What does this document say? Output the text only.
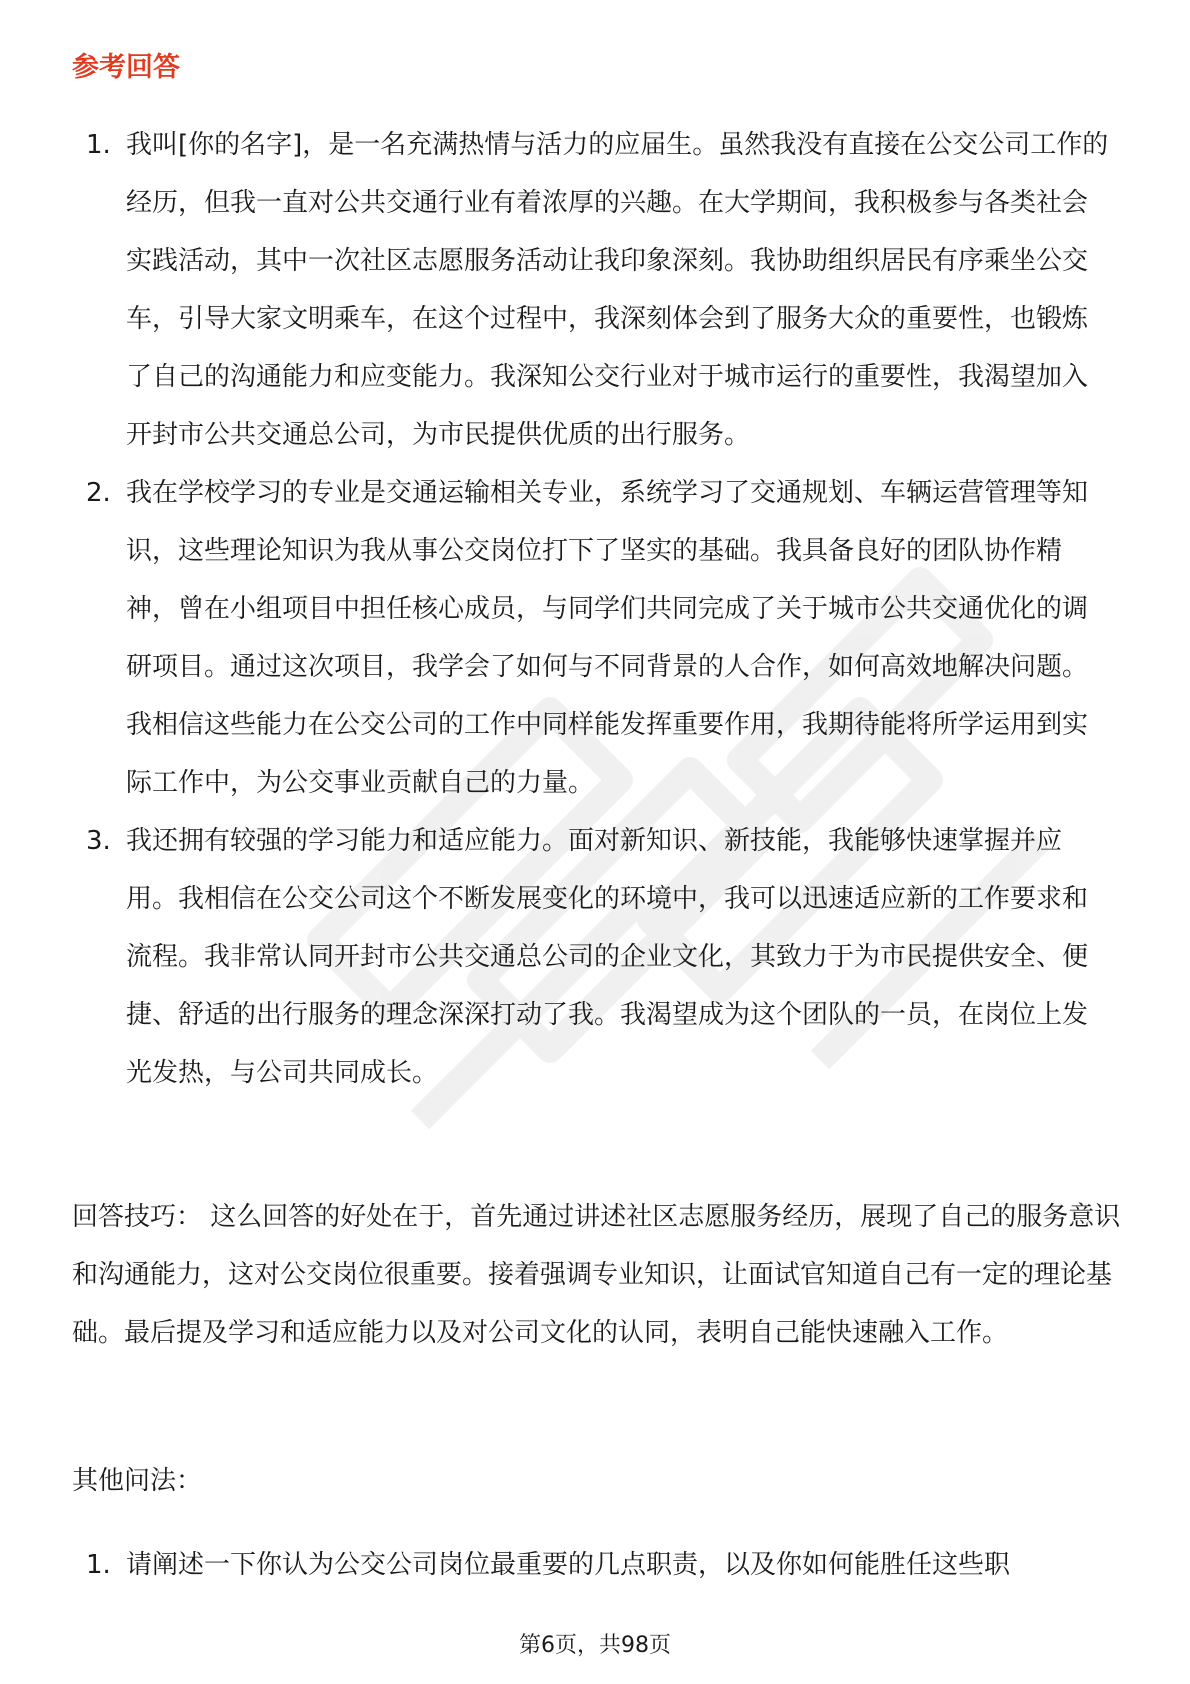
参考回答
1. 我叫[你的名字]，是一名充满热情与活力的应届生。虽然我没有直接在公交公司工作的经历，但我一直对公共交通行业有着浓厚的兴趣。在大学期间，我积极参与各类社会实践活动，其中一次社区志愿服务活动让我印象深刻。我协助组织居民有序乘坐公交车，引导大家文明乘车，在这个过程中，我深刻体会到了服务大众的重要性，也锻炼了自己的沟通能力和应变能力。我深知公交行业对于城市运行的重要性，我渴望加入开封市公共交通总公司，为市民提供优质的出行服务。
2. 我在学校学习的专业是交通运输相关专业，系统学习了交通规划、车辆运营管理等知识，这些理论知识为我从事公交岗位打下了坚实的基础。我具备良好的团队协作精神，曾在小组项目中担任核心成员，与同学们共同完成了关于城市公共交通优化的调研项目。通过这次项目，我学会了如何与不同背景的人合作，如何高效地解决问题。我相信这些能力在公交公司的工作中同样能发挥重要作用，我期待能将所学运用到实际工作中，为公交事业贡献自己的力量。
3. 我还拥有较强的学习能力和适应能力。面对新知识、新技能，我能够快速掌握并应用。我相信在公交公司这个不断发展变化的环境中，我可以迅速适应新的工作要求和流程。我非常认同开封市公共交通总公司的企业文化，其致力于为市民提供安全、便捷、舒适的出行服务的理念深深打动了我。我渴望成为这个团队的一员，在岗位上发光发热，与公司共同成长。

回答技巧： 这么回答的好处在于，首先通过讲述社区志愿服务经历，展现了自己的服务意识和沟通能力，这对公交岗位很重要。接着强调专业知识，让面试官知道自己有一定的理论基础。最后提及学习和适应能力以及对公司文化的认同，表明自己能快速融入工作。

其他问法：
1. 请阐述一下你认为公交公司岗位最重要的几点职责，以及你如何能胜任这些职
第6页，共98页
